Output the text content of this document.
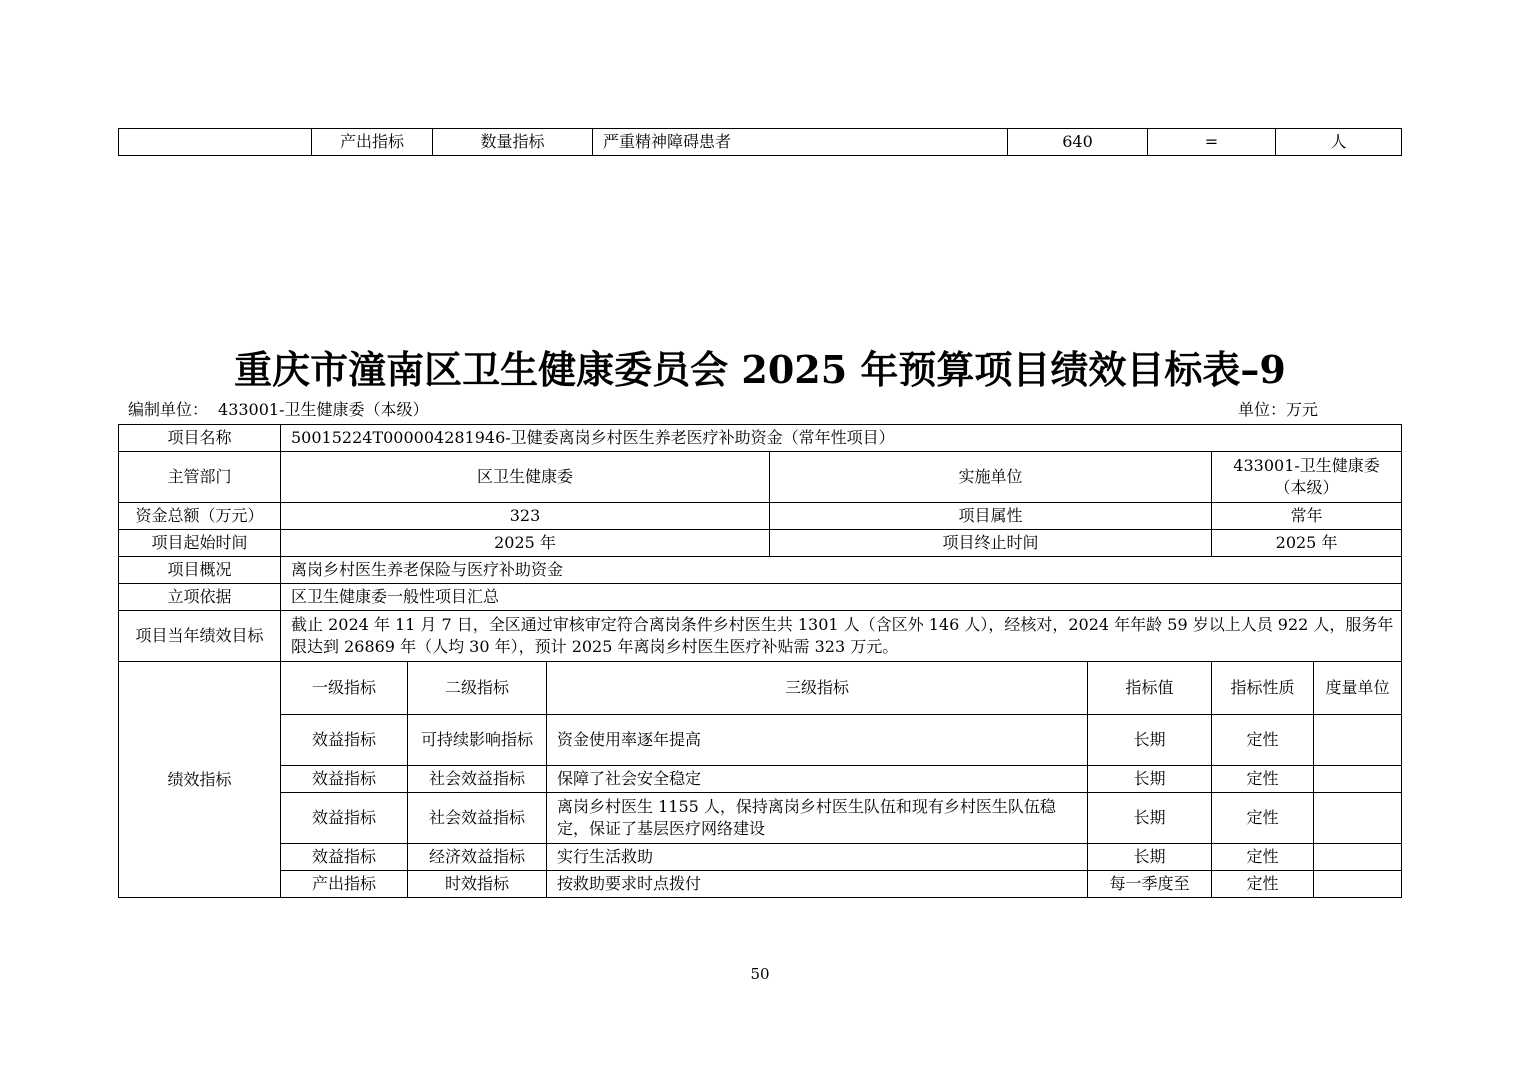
	产出指标	数量指标	严重精神障碍患者	640	=	人
重庆市潼南区卫生健康委员会 2025 年预算项目绩效目标表–9
编制单位： 433001-卫生健康委（本级）	单位：万元
项目名称	50015224T000004281946-卫健委离岗乡村医生养老医疗补助资金（常年性项目）						
主管部门	区卫生健康委			实施单位		433001-卫生健康委（本级）	
资金总额（万元）	323			项目属性		常年	
项目起始时间	2025 年			项目终止时间		2025 年	
项目概况	离岗乡村医生养老保险与医疗补助资金						
立项依据	区卫生健康委一般性项目汇总						
项目当年绩效目标	截止 2024 年 11 月 7 日，全区通过审核审定符合离岗条件乡村医生共 1301 人（含区外 146 人），经核对，2024 年年龄 59 岁以上人员 922 人，服务年限达到 26869 年（人均 30 年），预计 2025 年离岗乡村医生医疗补贴需 323 万元。						
绩效指标	一级指标	二级指标	三级指标		指标值	指标性质	度量单位
	效益指标	可持续影响指标	资金使用率逐年提高		长期	定性	
	效益指标	社会效益指标	保障了社会安全稳定		长期	定性	
	效益指标	社会效益指标	离岗乡村医生 1155 人，保持离岗乡村医生队伍和现有乡村医生队伍稳定，保证了基层医疗网络建设		长期	定性	
	效益指标	经济效益指标	实行生活救助		长期	定性	
	产出指标	时效指标	按救助要求时点拨付		每一季度至	定性	
50
